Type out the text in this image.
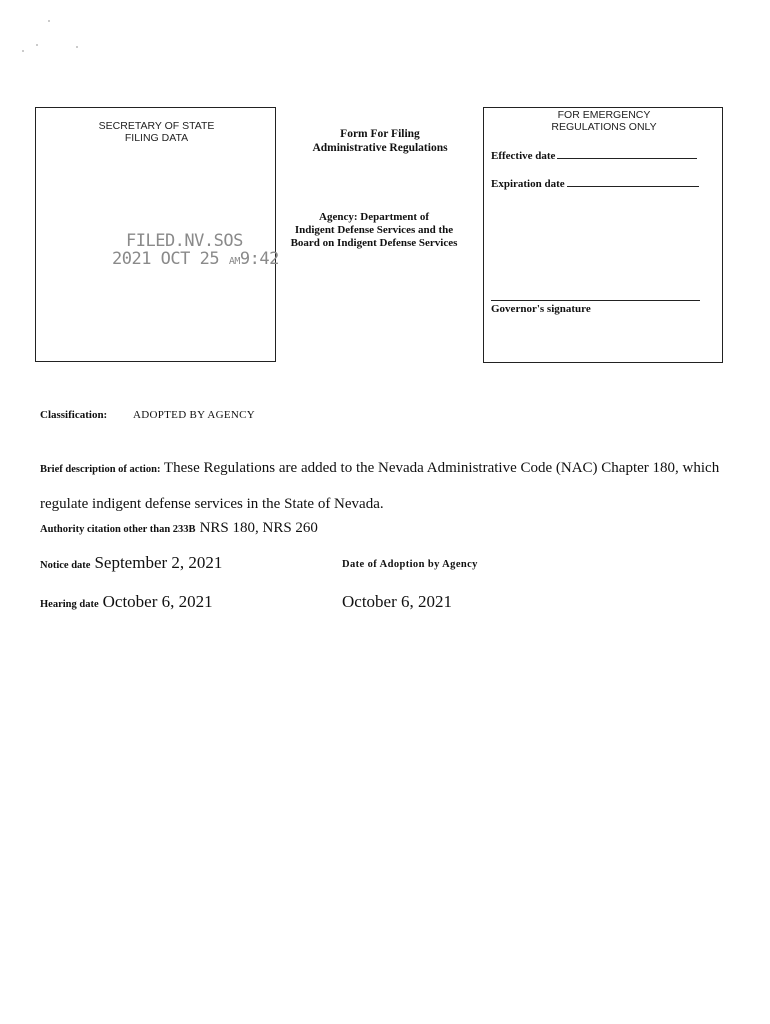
SECRETARY OF STATE
FILING DATA
FILED.NV.SOS
2021 OCT 25 AM9:42
Form For Filing
Administrative Regulations
Agency: Department of
Indigent Defense Services and the
Board on Indigent Defense Services
FOR EMERGENCY
REGULATIONS ONLY
Effective date
Expiration date
Governor's signature
Classification: ADOPTED BY AGENCY
Brief description of action: These Regulations are added to the Nevada Administrative Code (NAC) Chapter 180, which regulate indigent defense services in the State of Nevada.
Authority citation other than 233B NRS 180, NRS 260
Notice date September 2, 2021	Date of Adoption by Agency
Hearing date October 6, 2021	October 6, 2021
